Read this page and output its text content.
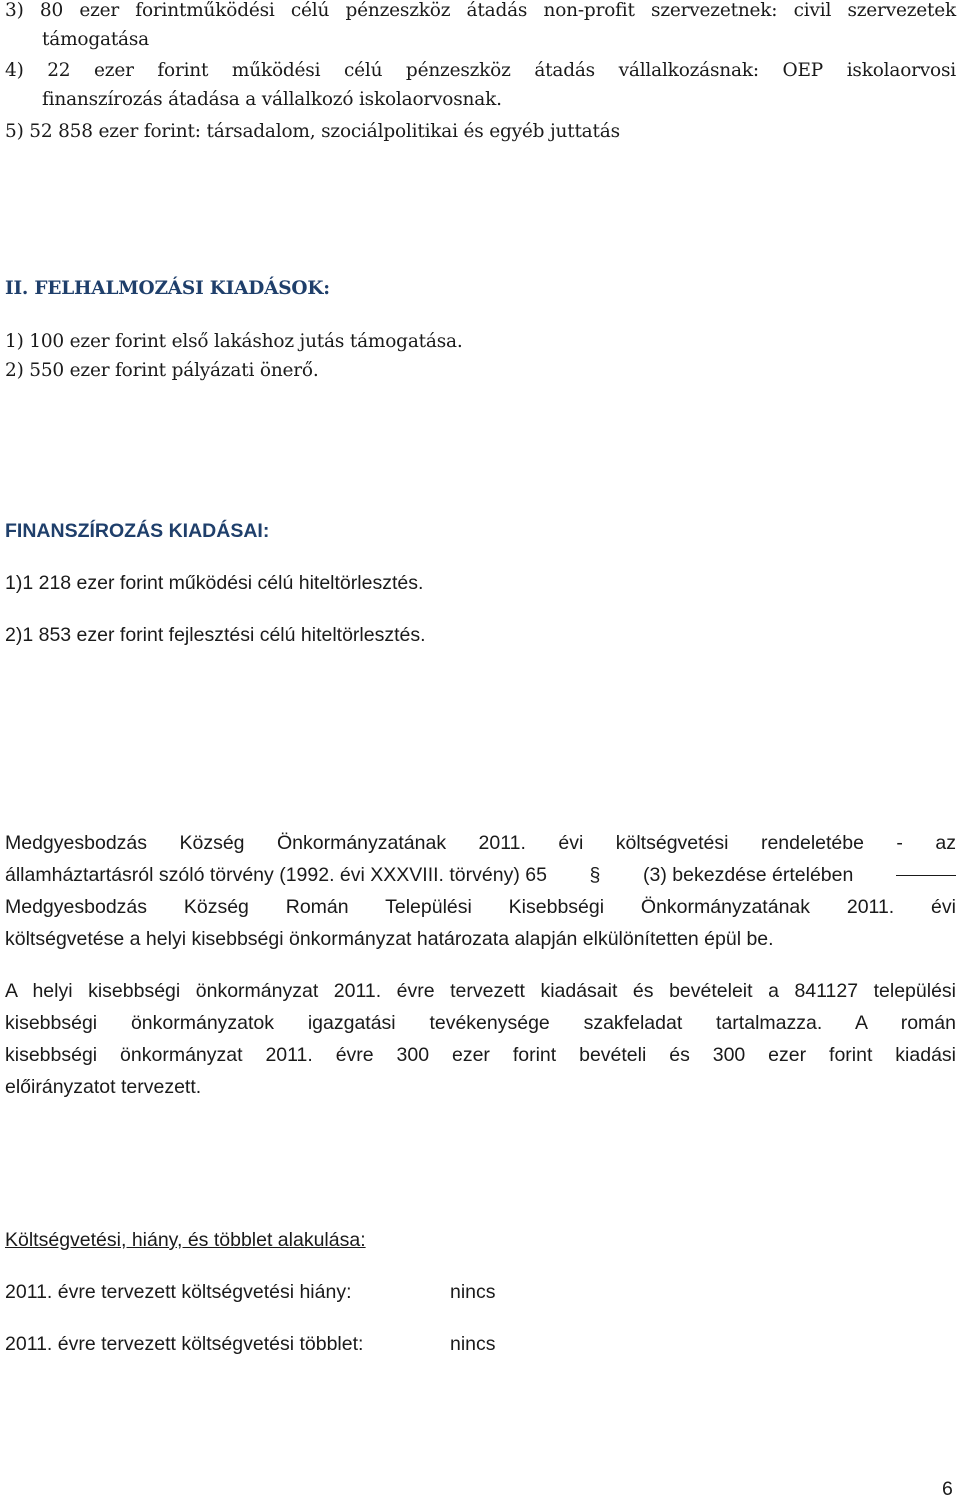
3) 80 ezer forintműködési célú pénzeszköz átadás non-profit szervezetnek: civil szervezetek

támogatása

4) 22 ezer forint működési célú pénzeszköz átadás vállalkozásnak: OEP iskolaorvosi

finanszírozás átadása a vállalkozó iskolaorvosnak.

5) 52 858 ezer forint: társadalom, szociálpolitikai és egyéb juttatás

II. FELHALMOZÁSI KIADÁSOK:

1) 100 ezer forint első lakáshoz jutás támogatása.

2) 550 ezer forint pályázati önerő.

FINANSZÍROZÁS KIADÁSAI:

1)1 218 ezer forint működési célú hiteltörlesztés.

2)1 853 ezer forint fejlesztési célú hiteltörlesztés.

Medgyesbodzás Község Önkormányzatának 2011. évi költségvetési rendeletébe - az

államháztartásról szóló törvény (1992. évi XXXVIII. törvény) 65 § (3) bekezdése értelében

Medgyesbodzás Község Román Települési Kisebbségi Önkormányzatának 2011. évi

költségvetése a helyi kisebbségi önkormányzat határozata alapján elkülönítetten épül be.

A helyi kisebbségi önkormányzat 2011. évre tervezett kiadásait és bevételeit a 841127 települési

kisebbségi önkormányzatok igazgatási tevékenysége szakfeladat tartalmazza. A román

kisebbségi önkormányzat 2011. évre 300 ezer forint bevételi és 300 ezer forint kiadási

előirányzatot tervezett.

Költségvetési, hiány, és többlet alakulása:

2011. évre tervezett költségvetési hiány:	nincs

2011. évre tervezett költségvetési többlet:	nincs

6
